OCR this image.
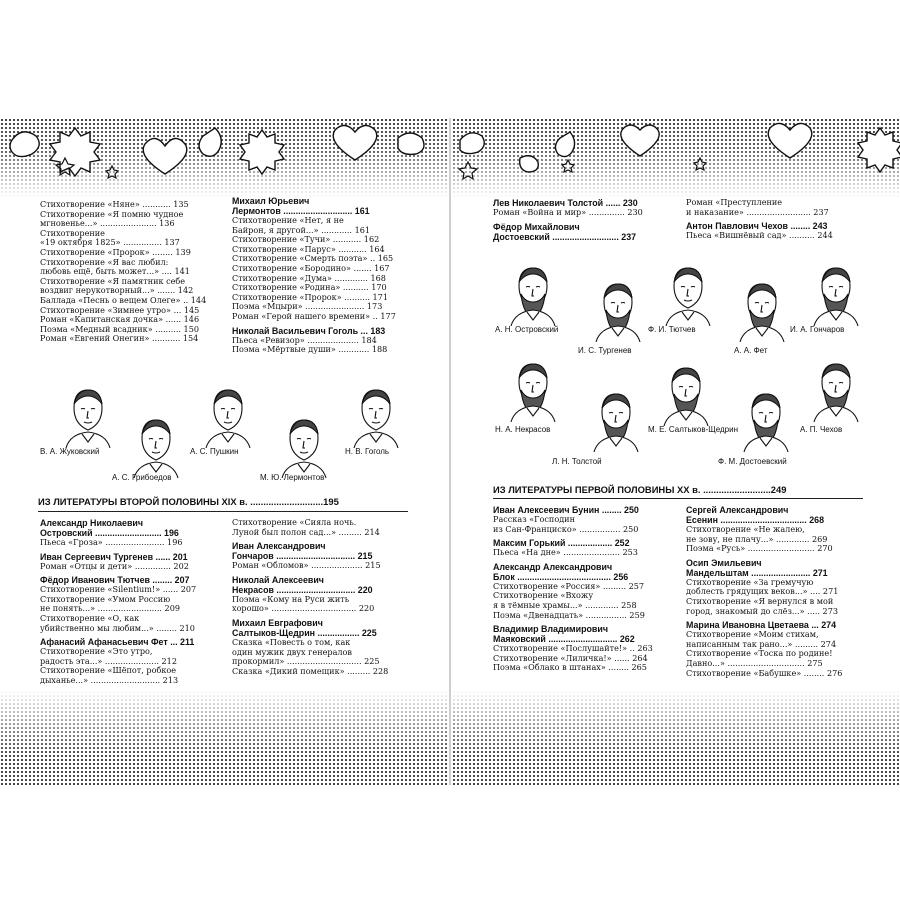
Стихотворение «Няне» ........... 135
Стихотворение «Я помню чудное
мгновенье...» ...................... 136
Стихотворение
«19 октября 1825» ............... 137
Стихотворение «Пророк» ........ 139
Стихотворение «Я вас любил:
любовь ещё, быть может...» .... 141
Стихотворение «Я памятник себе
воздвиг нерукотворный...» ....... 142
Баллада «Песнь о вещем Олеге» .. 144
Стихотворение «Зимнее утро» ... 145
Роман «Капитанская дочка» ...... 146
Поэма «Медный всадник» .......... 150
Роман «Евгений Онегин» ........... 154
Михаил Юрьевич
Лермонтов ............................ 161
Стихотворение «Нет, я не
Байрон, я другой...» ............ 161
Стихотворение «Тучи» ........... 162
Стихотворение «Парус» ........... 164
Стихотворение «Смерть поэта» .. 165
Стихотворение «Бородино» ....... 167
Стихотворение «Дума» ............. 168
Стихотворение «Родина» .......... 170
Стихотворение «Пророк» .......... 171
Поэма «Мцыри» ....................... 173
Роман «Герой нашего времени» .. 177
Николай Васильевич Гоголь ... 183
Пьеса «Ревизор» .................... 184
Поэма «Мёртвые души» ............ 188
В. А. Жуковский
А. С. Грибоедов
А. С. Пушкин
М. Ю. Лермонтов
Н. В. Гоголь
ИЗ ЛИТЕРАТУРЫ ВТОРОЙ ПОЛОВИНЫ XIX в. ............................195
Александр Николаевич
Островский ........................... 196
Пьеса «Гроза» ....................... 196
Иван Сергеевич Тургенев ...... 201
Роман «Отцы и дети» .............. 202
Фёдор Иванович Тютчев ........ 207
Стихотворение «Silentium!» ...... 207
Стихотворение «Умом Россию
не понять...» ......................... 209
Стихотворение «О, как
убийственно мы любим...» ........ 210
Афанасий Афанасьевич Фет ... 211
Стихотворение «Это утро,
радость эта...» ..................... 212
Стихотворение «Шёпот, робкое
дыханье...» ........................... 213
Стихотворение «Сияла ночь.
Луной был полон сад...» ......... 214
Иван Александрович
Гончаров ................................ 215
Роман «Обломов» .................... 215
Николай Алексеевич
Некрасов ................................ 220
Поэма «Кому на Руси жить
хорошо» ................................. 220
Михаил Евграфович
Салтыков-Щедрин ................. 225
Сказка «Повесть о том, как
один мужик двух генералов
прокормил» ............................. 225
Сказка «Дикий помещик» ......... 228
Лев Николаевич Толстой ...... 230
Роман «Война и мир» .............. 230
Фёдор Михайлович
Достоевский ........................... 237
Роман «Преступление
и наказание» ......................... 237
Антон Павлович Чехов ........ 243
Пьеса «Вишнёвый сад» .......... 244
А. Н. Островский
И. С. Тургенев
Ф. И. Тютчев
А. А. Фет
И. А. Гончаров
Н. А. Некрасов
Л. Н. Толстой
М. Е. Салтыков-Щедрин
Ф. М. Достоевский
А. П. Чехов
ИЗ ЛИТЕРАТУРЫ ПЕРВОЙ ПОЛОВИНЫ XX в. ..........................249
Иван Алексеевич Бунин ........ 250
Рассказ «Господин
из Сан-Франциско» ................ 250
Максим Горький .................. 252
Пьеса «На дне» ...................... 253
Александр Александрович
Блок ...................................... 256
Стихотворение «Россия» ......... 257
Стихотворение «Вхожу
я в тёмные храмы...» ............. 258
Поэма «Двенадцать» ................ 259
Владимир Владимирович
Маяковский ............................ 262
Стихотворение «Послушайте!» .. 263
Стихотворение «Лиличка!» ...... 264
Поэма «Облако в штанах» ........ 265
Сергей Александрович
Есенин ................................... 268
Стихотворение «Не жалею,
не зову, не плачу...» ............. 269
Поэма «Русь» .......................... 270
Осип Эмильевич
Мандельштам ........................ 271
Стихотворение «За гремучую
доблесть грядущих веков...» .... 271
Стихотворение «Я вернулся в мой
город, знакомый до слёз...» ..... 273
Марина Ивановна Цветаева ... 274
Стихотворение «Моим стихам,
написанным так рано...» ......... 274
Стихотворение «Тоска по родине!
Давно...» .............................. 275
Стихотворение «Бабушке» ........ 276
